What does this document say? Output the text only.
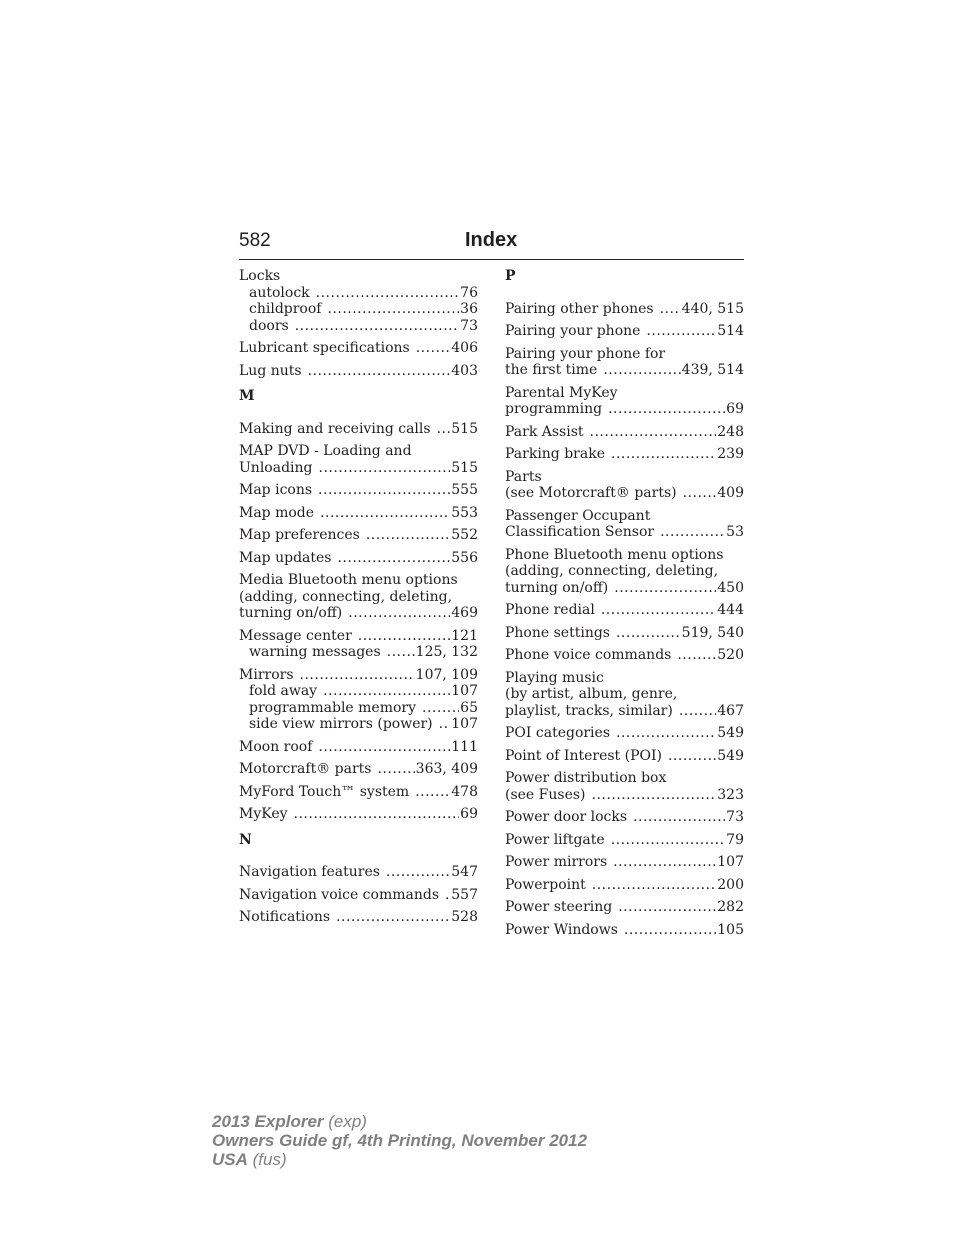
582	Index
Locks
autolock .....	76
childproof .....	36
doors .....	73
Lubricant specifications .....	406
Lug nuts .....	403
M
Making and receiving calls ..... 515
MAP DVD - Loading and
Unloading .....	515
Map icons .....	555
Map mode .....	553
Map preferences .....	552
Map updates .....	556
Media Bluetooth menu options
(adding, connecting, deleting,
turning on/off) .....	469
Message center .....	121
warning messages .....	125, 132
Mirrors .....	107, 109
fold away .....	107
programmable memory .....	65
side view mirrors (power) ..... 107
Moon roof .....	111
Motorcraft® parts .....	363, 409
MyFord Touch™ system .....	478
MyKey .....	69
N
Navigation features .....	547
Navigation voice commands ..... 557
Notifications .....	528
P
Pairing other phones ..... 440, 515
Pairing your phone .....	514
Pairing your phone for
the first time .....	439, 514
Parental MyKey
programming .....	69
Park Assist .....	248
Parking brake .....	239
Parts
(see Motorcraft® parts) .....	409
Passenger Occupant
Classification Sensor .....	53
Phone Bluetooth menu options
(adding, connecting, deleting,
turning on/off) .....	450
Phone redial .....	444
Phone settings .....	519, 540
Phone voice commands .....	520
Playing music
(by artist, album, genre,
playlist, tracks, similar) .....	467
POI categories .....	549
Point of Interest (POI) .....	549
Power distribution box
(see Fuses) .....	323
Power door locks .....	73
Power liftgate .....	79
Power mirrors .....	107
Powerpoint .....	200
Power steering .....	282
Power Windows .....	105
2013 Explorer (exp)
Owners Guide gf, 4th Printing, November 2012
USA (fus)
